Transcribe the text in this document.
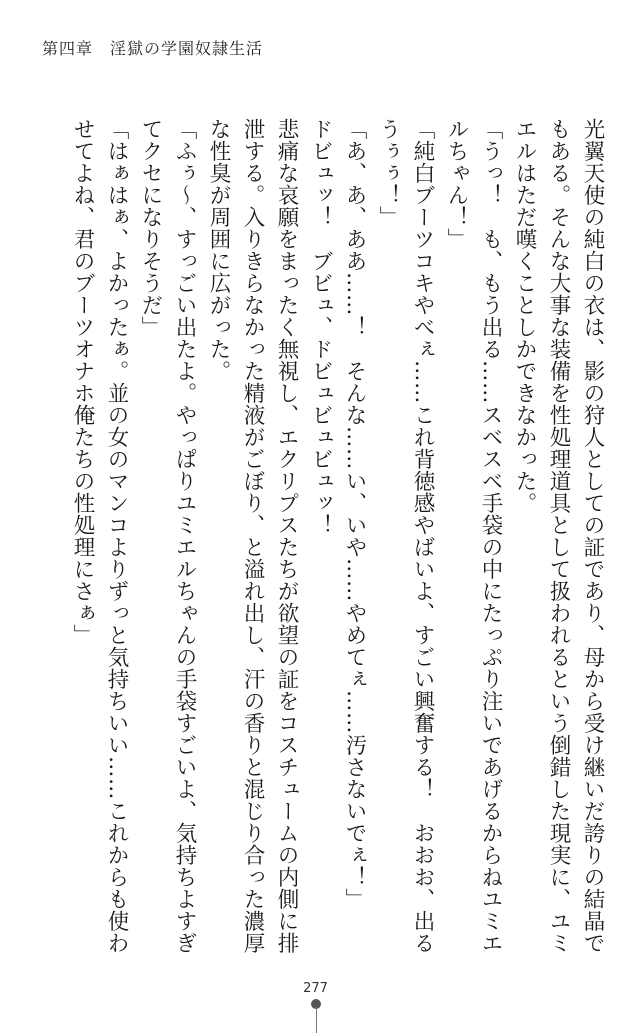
第四章　淫獄の学園奴隷生活

光翼天使の純白の衣は、影の狩人としての証であり、母から受け継いだ誇りの結晶でもある。そんな大事な装備を性処理道具として扱われるという倒錯した現実に、ユミエルはただ嘆くことしかできなかった。

「うっ！　も、もう出る……スベスベ手袋の中にたっぷり注いであげるからねユミエルちゃん！」

「純白ブーツコキやべぇ……これ背徳感やばいよ、すごい興奮する！　おおお、出るうぅぅ！」

「あ、あ、ああ……！　そんな……い、いや……やめてぇ……汚さないでぇ！」

ドビュッ！　ブビュ、ドビュビュビュッ！

悲痛な哀願をまったく無視し、エクリプスたちが欲望の証をコスチュームの内側に排泄する。入りきらなかった精液がごぼり、と溢れ出し、汗の香りと混じり合った濃厚な性臭が周囲に広がった。

「ふぅ～、すっごい出たよ。やっぱりユミエルちゃんの手袋すごいよ、気持ちよすぎてクセになりそうだ」

「はぁはぁ、よかったぁ。並の女のマンコよりずっと気持ちいい……これからも使わせてよね、君のブーツオナホ俺たちの性処理にさぁ」

277
